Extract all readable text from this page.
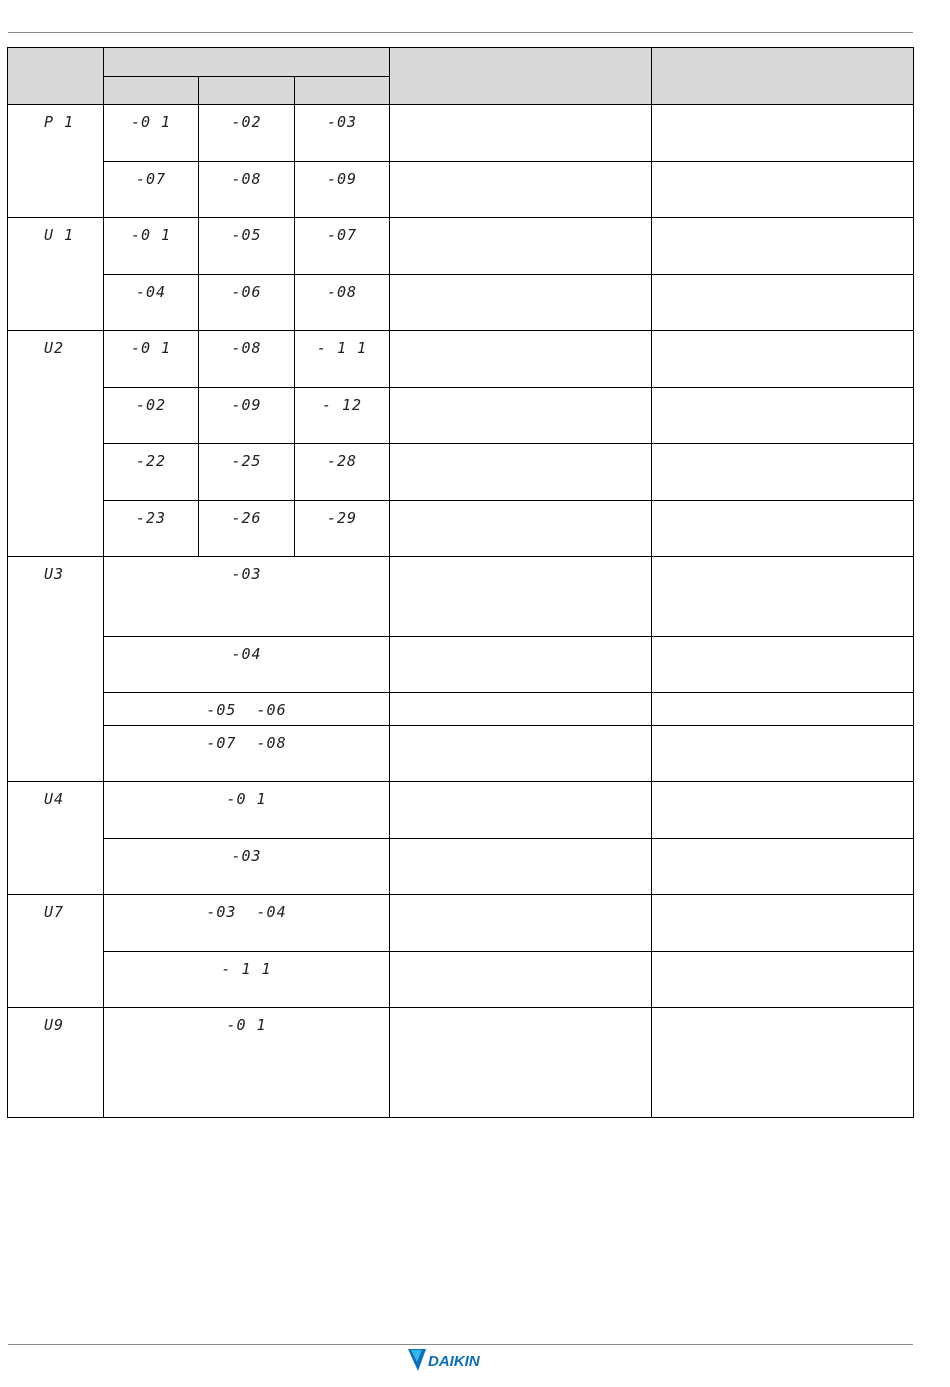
P 1	-0 1	-02	-03		
	-07	-08	-09		
U 1	-0 1	-05	-07		
	-04	-06	-08		
U2	-0 1	-08	- 1 1		
	-02	-09	- 12		
	-22	-25	-28		
	-23	-26	-29		
U3	-03				
	-04				
	-05  -06				
	-07  -08				
U4	-0 1				
	-03				
U7	-03  -04				
	- 1 1				
U9	-0 1				
DAIKIN
